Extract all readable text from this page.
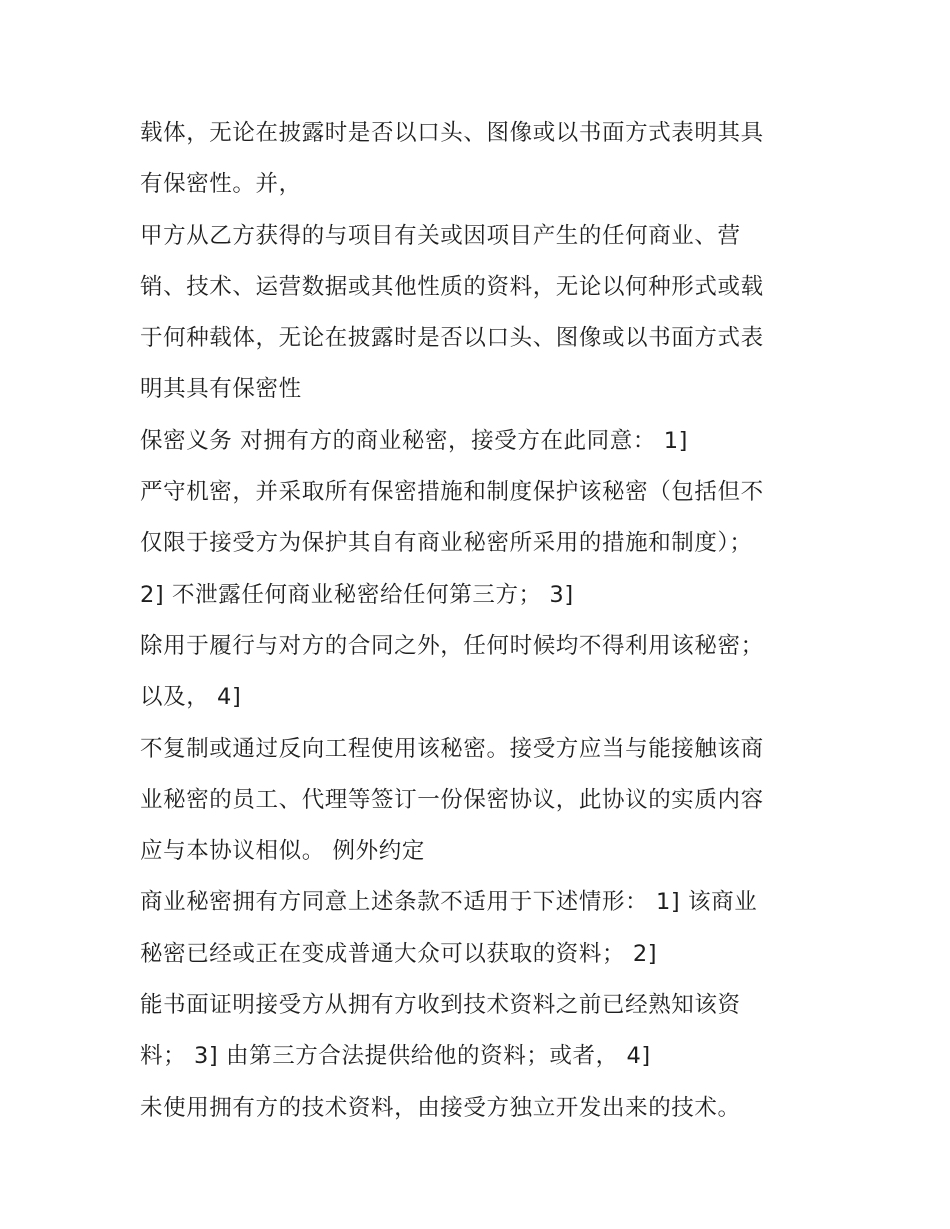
载体，无论在披露时是否以口头、图像或以书面方式表明其具
有保密性。并，
甲方从乙方获得的与项目有关或因项目产生的任何商业、营
销、技术、运营数据或其他性质的资料，无论以何种形式或载
于何种载体，无论在披露时是否以口头、图像或以书面方式表
明其具有保密性
保密义务 对拥有方的商业秘密，接受方在此同意： 1]
严守机密，并采取所有保密措施和制度保护该秘密（包括但不
仅限于接受方为保护其自有商业秘密所采用的措施和制度）；
2] 不泄露任何商业秘密给任何第三方； 3]
除用于履行与对方的合同之外，任何时候均不得利用该秘密；
以及， 4]
不复制或通过反向工程使用该秘密。接受方应当与能接触该商
业秘密的员工、代理等签订一份保密协议，此协议的实质内容
应与本协议相似。 例外约定
商业秘密拥有方同意上述条款不适用于下述情形： 1] 该商业
秘密已经或正在变成普通大众可以获取的资料； 2]
能书面证明接受方从拥有方收到技术资料之前已经熟知该资
料； 3] 由第三方合法提供给他的资料；或者， 4]
未使用拥有方的技术资料，由接受方独立开发出来的技术。
